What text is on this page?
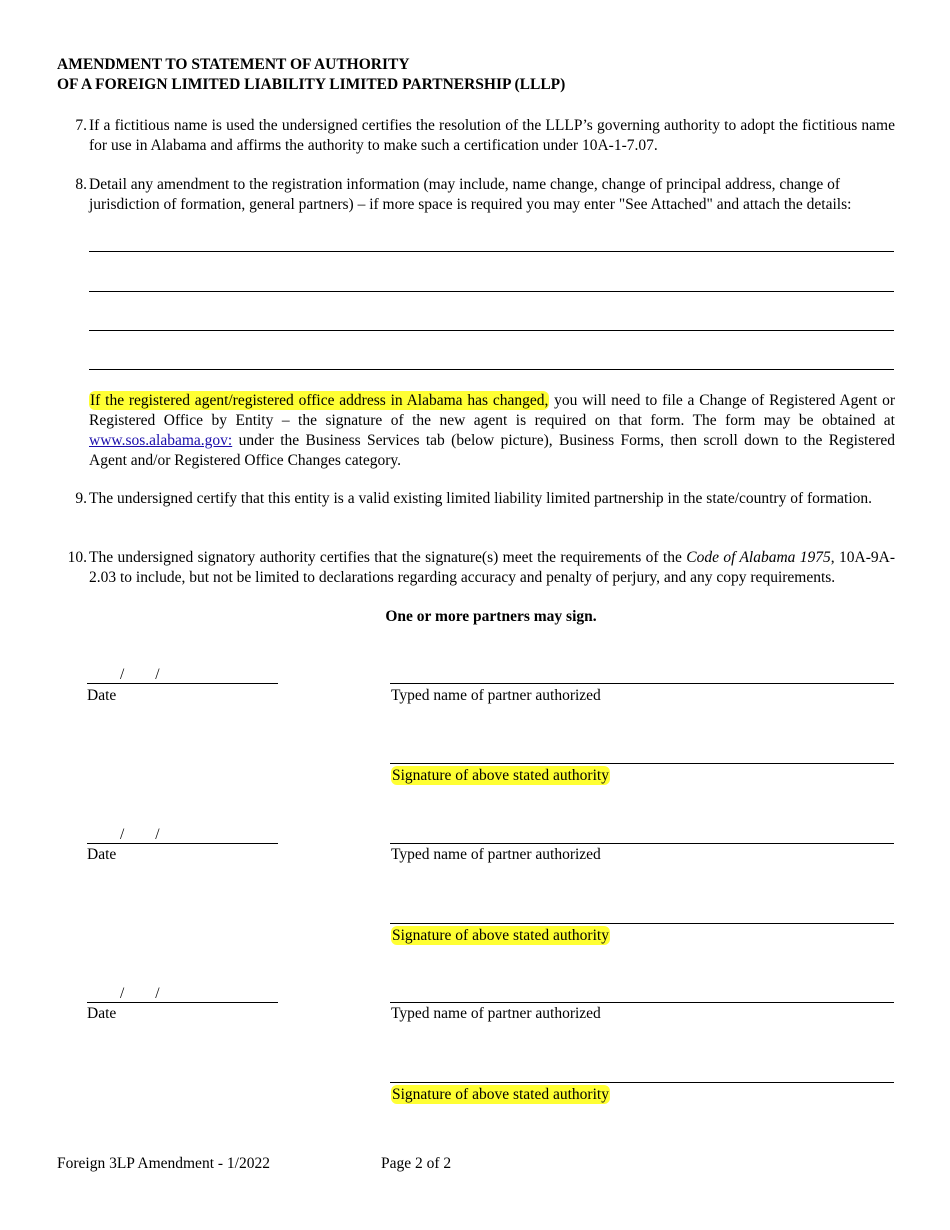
AMENDMENT TO STATEMENT OF AUTHORITY
OF A FOREIGN LIMITED LIABILITY LIMITED PARTNERSHIP (LLLP)
7. If a fictitious name is used the undersigned certifies the resolution of the LLLP’s governing authority to adopt the fictitious name for use in Alabama and affirms the authority to make such a certification under 10A-1-7.07.
8. Detail any amendment to the registration information (may include, name change, change of principal address, change of jurisdiction of formation, general partners) – if more space is required you may enter "See Attached" and attach the details:
If the registered agent/registered office address in Alabama has changed, you will need to file a Change of Registered Agent or Registered Office by Entity – the signature of the new agent is required on that form. The form may be obtained at www.sos.alabama.gov: under the Business Services tab (below picture), Business Forms, then scroll down to the Registered Agent and/or Registered Office Changes category.
9. The undersigned certify that this entity is a valid existing limited liability limited partnership in the state/country of formation.
10. The undersigned signatory authority certifies that the signature(s) meet the requirements of the Code of Alabama 1975, 10A-9A-2.03 to include, but not be limited to declarations regarding accuracy and penalty of perjury, and any copy requirements.
One or more partners may sign.
/        /
Date	Typed name of partner authorized
Signature of above stated authority
/        /
Date	Typed name of partner authorized
Signature of above stated authority
/        /
Date	Typed name of partner authorized
Signature of above stated authority
Foreign 3LP Amendment - 1/2022	Page 2 of 2
